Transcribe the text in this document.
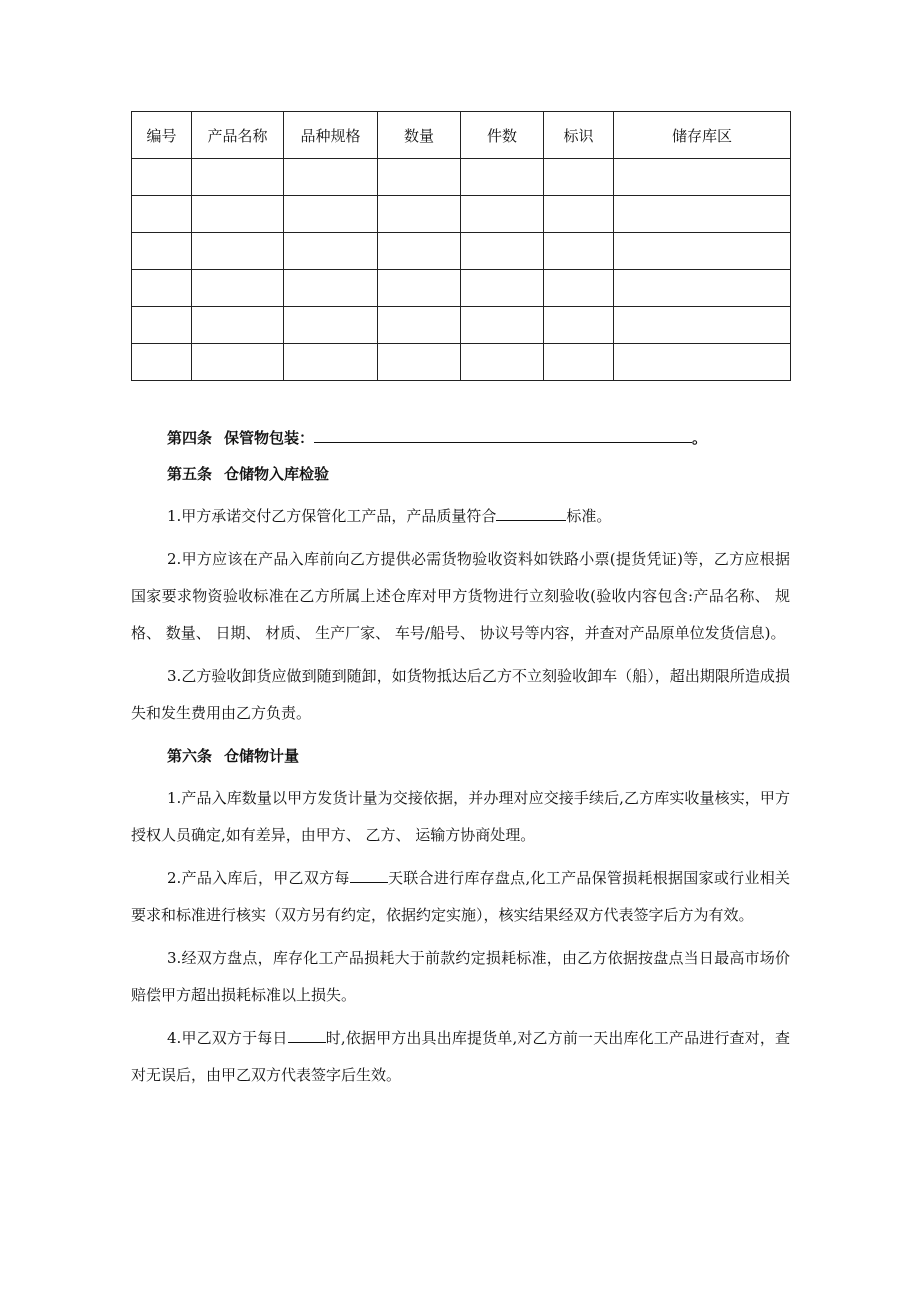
编号	产品名称	品种规格	数量	件数	标识	储存库区

第四条 保管物包装：	。

第五条 仓储物入库检验

1.甲方承诺交付乙方保管化工产品，产品质量符合	标准。

2.甲方应该在产品入库前向乙方提供必需货物验收资料如铁路小票(提货凭证)等，乙方应根据国家要求物资验收标准在乙方所属上述仓库对甲方货物进行立刻验收(验收内容包含:产品名称、 规格、 数量、 日期、 材质、 生产厂家、 车号/船号、 协议号等内容，并查对产品原单位发货信息)。

3.乙方验收卸货应做到随到随卸，如货物抵达后乙方不立刻验收卸车（船），超出期限所造成损失和发生费用由乙方负责。

第六条 仓储物计量

1.产品入库数量以甲方发货计量为交接依据，并办理对应交接手续后,乙方库实收量核实，甲方授权人员确定,如有差异，由甲方、 乙方、 运输方协商处理。

2.产品入库后，甲乙双方每	天联合进行库存盘点,化工产品保管损耗根据国家或行业相关要求和标准进行核实（双方另有约定，依据约定实施），核实结果经双方代表签字后方为有效。

3.经双方盘点，库存化工产品损耗大于前款约定损耗标准，由乙方依据按盘点当日最高市场价赔偿甲方超出损耗标准以上损失。

4.甲乙双方于每日	时,依据甲方出具出库提货单,对乙方前一天出库化工产品进行查对，查对无误后，由甲乙双方代表签字后生效。
